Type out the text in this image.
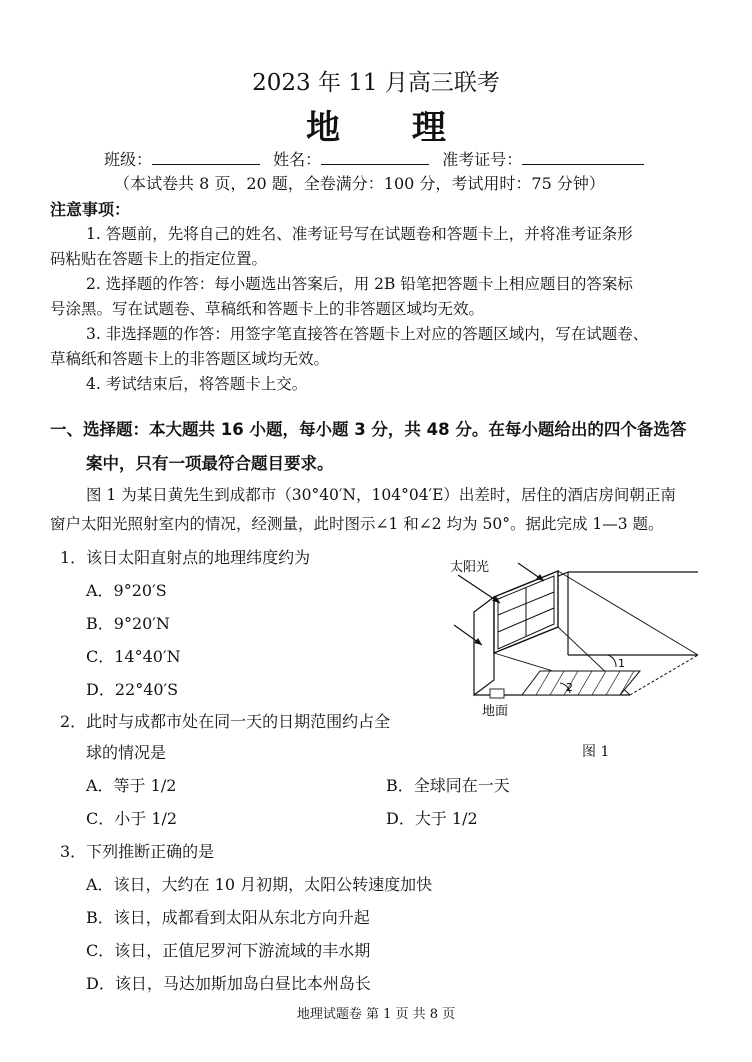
2023 年 11 月高三联考
地 理
班级：	姓名：	准考证号：
（本试卷共 8 页，20 题，全卷满分：100 分，考试用时：75 分钟）
注意事项：
1. 答题前，先将自己的姓名、准考证号写在试题卷和答题卡上，并将准考证条形
码粘贴在答题卡上的指定位置。
2. 选择题的作答：每小题选出答案后，用 2B 铅笔把答题卡上相应题目的答案标
号涂黑。写在试题卷、草稿纸和答题卡上的非答题区域均无效。
3. 非选择题的作答：用签字笔直接答在答题卡上对应的答题区域内，写在试题卷、
草稿纸和答题卡上的非答题区域均无效。
4. 考试结束后，将答题卡上交。
一、选择题：本大题共 16 小题，每小题 3 分，共 48 分。在每小题给出的四个备选答
案中，只有一项最符合题目要求。
图 1 为某日黄先生到成都市（30°40′N，104°04′E）出差时，居住的酒店房间朝正南
窗户太阳光照射室内的情况，经测量，此时图示∠1 和∠2 均为 50°。据此完成 1—3 题。
1．该日太阳直射点的地理纬度约为
A．9°20′S
B．9°20′N
C．14°40′N
D．22°40′S
2．此时与成都市处在同一天的日期范围约占全
球的情况是
A．等于 1/2	B．全球同在一天
C．小于 1/2	D．大于 1/2
3．下列推断正确的是
A．该日，大约在 10 月初期，太阳公转速度加快
B．该日，成都看到太阳从东北方向升起
C．该日，正值尼罗河下游流域的丰水期
D．该日，马达加斯加岛白昼比本州岛长
1
2
太阳光
地面
图 1
地理试题卷 第 1 页 共 8 页
